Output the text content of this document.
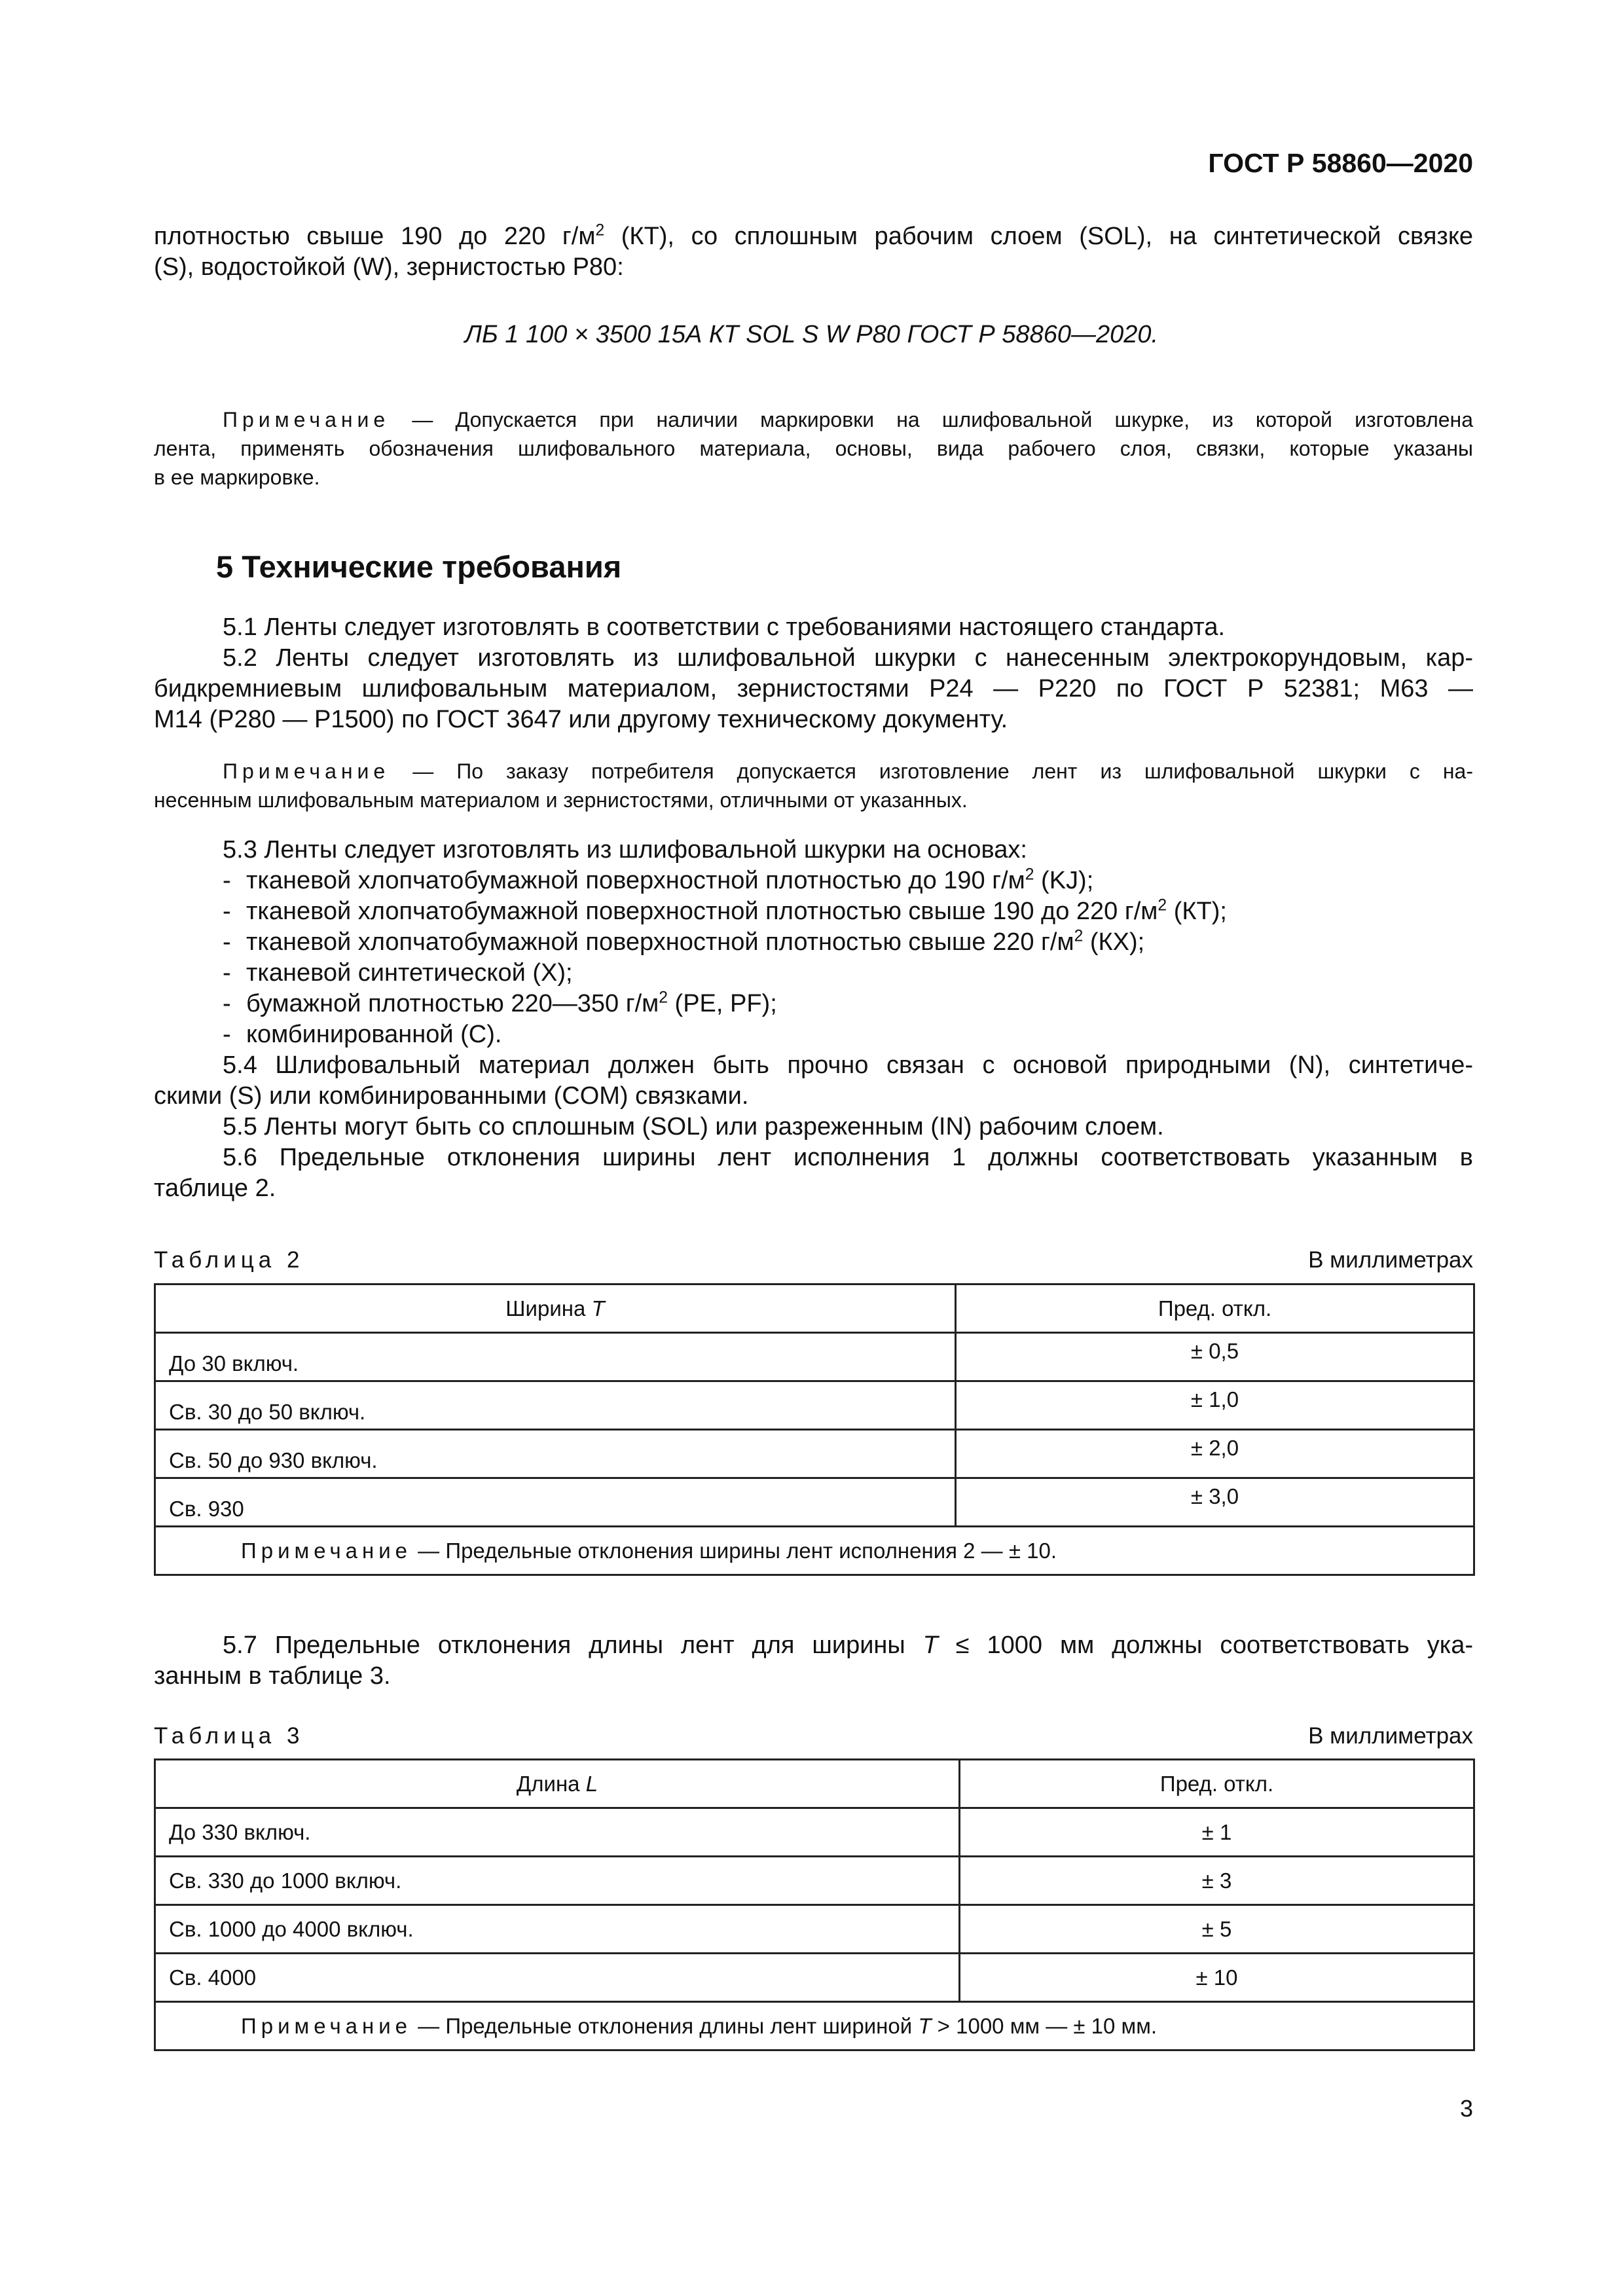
ГОСТ Р 58860—2020
плотностью свыше 190 до 220 $г/м^2$ (КТ), со сплошным рабочим слоем (SOL), на синтетической связке
(S), водостойкой (W), зернистостью Р80:
ЛБ 1 100 × 3500 15А КТ SOL S W Р80 ГОСТ Р 58860—2020.
Примечание — Допускается при наличии маркировки на шлифовальной шкурке, из которой изготовлена
лента, применять обозначения шлифовального материала, основы, вида рабочего слоя, связки, которые указаны
в ее маркировке.
5 Технические требования
5.1 Ленты следует изготовлять в соответствии с требованиями настоящего стандарта.
5.2 Ленты следует изготовлять из шлифовальной шкурки с нанесенным электрокорундовым, кар-
бидкремниевым шлифовальным материалом, зернистостями Р24 — Р220 по ГОСТ Р 52381; М63 —
М14 (Р280 — Р1500) по ГОСТ 3647 или другому техническому документу.
Примечание — По заказу потребителя допускается изготовление лент из шлифовальной шкурки с на-
несенным шлифовальным материалом и зернистостями, отличными от указанных.
5.3 Ленты следует изготовлять из шлифовальной шкурки на основах:
- тканевой хлопчатобумажной поверхностной плотностью до 190 $г/м^2$ (KJ);
- тканевой хлопчатобумажной поверхностной плотностью свыше 190 до 220 $г/м^2$ (КТ);
- тканевой хлопчатобумажной поверхностной плотностью свыше 220 $г/м^2$ (КХ);
- тканевой синтетической (X);
- бумажной плотностью 220—350 $г/м^2$ (PE, PF);
- комбинированной (C).
5.4 Шлифовальный материал должен быть прочно связан с основой природными (N), синтетиче-
скими (S) или комбинированными (COM) связками.
5.5 Ленты могут быть со сплошным (SOL) или разреженным (IN) рабочим слоем.
5.6 Предельные отклонения ширины лент исполнения 1 должны соответствовать указанным в
таблице 2.
Таблица 2	В миллиметрах
Ширина T	Пред. откл.
До 30 включ.	± 0,5
Св. 30 до 50 включ.	± 1,0
Св. 50 до 930 включ.	± 2,0
Св. 930	± 3,0
Примечание — Предельные отклонения ширины лент исполнения 2 — ± 10.	
5.7 Предельные отклонения длины лент для ширины T ≤ 1000 мм должны соответствовать ука-
занным в таблице 3.
Таблица 3	В миллиметрах
Длина L	Пред. откл.
До 330 включ.	± 1
Св. 330 до 1000 включ.	± 3
Св. 1000 до 4000 включ.	± 5
Св. 4000	± 10
Примечание — Предельные отклонения длины лент шириной T > 1000 мм — ± 10 мм.	
3
